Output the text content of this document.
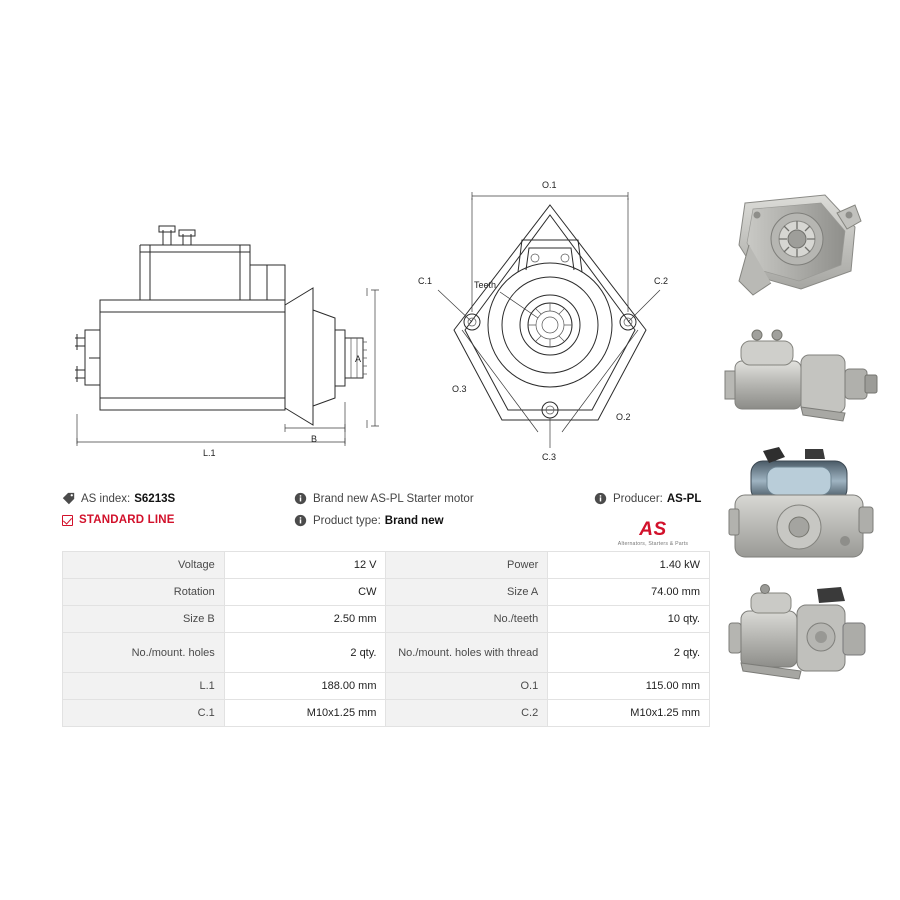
A
L.1
B
O.1
O.2
O.3
C.1	C.2
C.3
Teeth
AS index: S6213S	Brand new AS-PL Starter motor	Producer: AS-PL
STANDARD LINE	Product type: Brand new	AS
Alternators, Starters & Parts
Voltage	12 V	Power	1.40 kW
Rotation	CW	Size A	74.00 mm
Size B	2.50 mm	No./teeth	10 qty.
No./mount. holes	2 qty.	No./mount. holes with thread	2 qty.
L.1	188.00 mm	O.1	115.00 mm
C.1	M10x1.25 mm	C.2	M10x1.25 mm
